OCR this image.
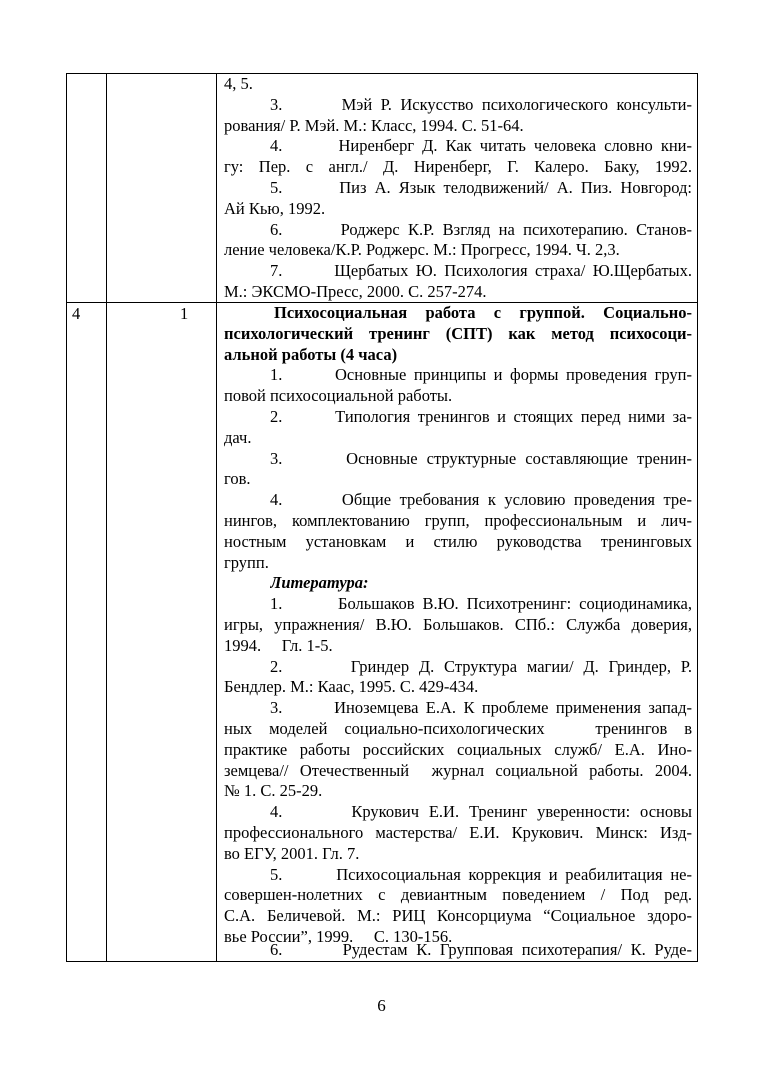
4, 5.
3.       Мэй Р. Искусство психологического консульти-
рования/ Р. Мэй. М.: Класс, 1994. С. 51-64.
4.       Ниренберг Д. Как читать человека словно кни-
гу: Пер. с англ./ Д. Ниренберг, Г. Калеро. Баку, 1992.
5.       Пиз А. Язык телодвижений/ А. Пиз. Новгород:
Ай Кью, 1992.
6.       Роджерс К.Р. Взгляд на психотерапию. Станов-
ление человека/К.Р. Роджерс. М.: Прогресс, 1994. Ч. 2,3.
7.       Щербатых Ю. Психология страха/ Ю.Щербатых.
М.: ЭКСМО-Пресс, 2000. С. 257-274.
4	1	Психосоциальная работа с группой. Социально-
психологический тренинг (СПТ) как метод психосоци-
альной работы (4 часа)
1.       Основные принципы и формы проведения груп-
повой психосоциальной работы.
2.       Типология тренингов и стоящих перед ними за-
дач.
3.       Основные структурные составляющие тренин-
гов.
4.       Общие требования к условию проведения тре-
нингов, комплектованию групп, профессиональным и лич-
ностным установкам и стилю руководства тренинговых
групп.
Литература:
1.       Большаков В.Ю. Психотренинг: социодинамика,
игры, упражнения/ В.Ю. Большаков. СПб.: Служба доверия,
1994.     Гл. 1-5.
2.       Гриндер Д. Структура магии/ Д. Гриндер, Р.
Бендлер. М.: Каас, 1995. С. 429-434.
3.       Иноземцева Е.А. К проблеме применения запад-
ных моделей социально-психологических   тренингов в
практике работы российских социальных служб/ Е.А. Ино-
земцева// Отечественный  журнал социальной работы. 2004.
№ 1. С. 25-29.
4.       Крукович Е.И. Тренинг уверенности: основы
профессионального мастерства/ Е.И. Крукович. Минск: Изд-
во ЕГУ, 2001. Гл. 7.
5.       Психосоциальная коррекция и реабилитация не-
совершен-нолетних с девиантным поведением / Под ред.
С.А. Беличевой. М.: РИЦ Консорциума “Социальное здоро-
вье России”, 1999.     С. 130-156.
6.       Рудестам К. Групповая психотерапия/ К. Руде-
6
